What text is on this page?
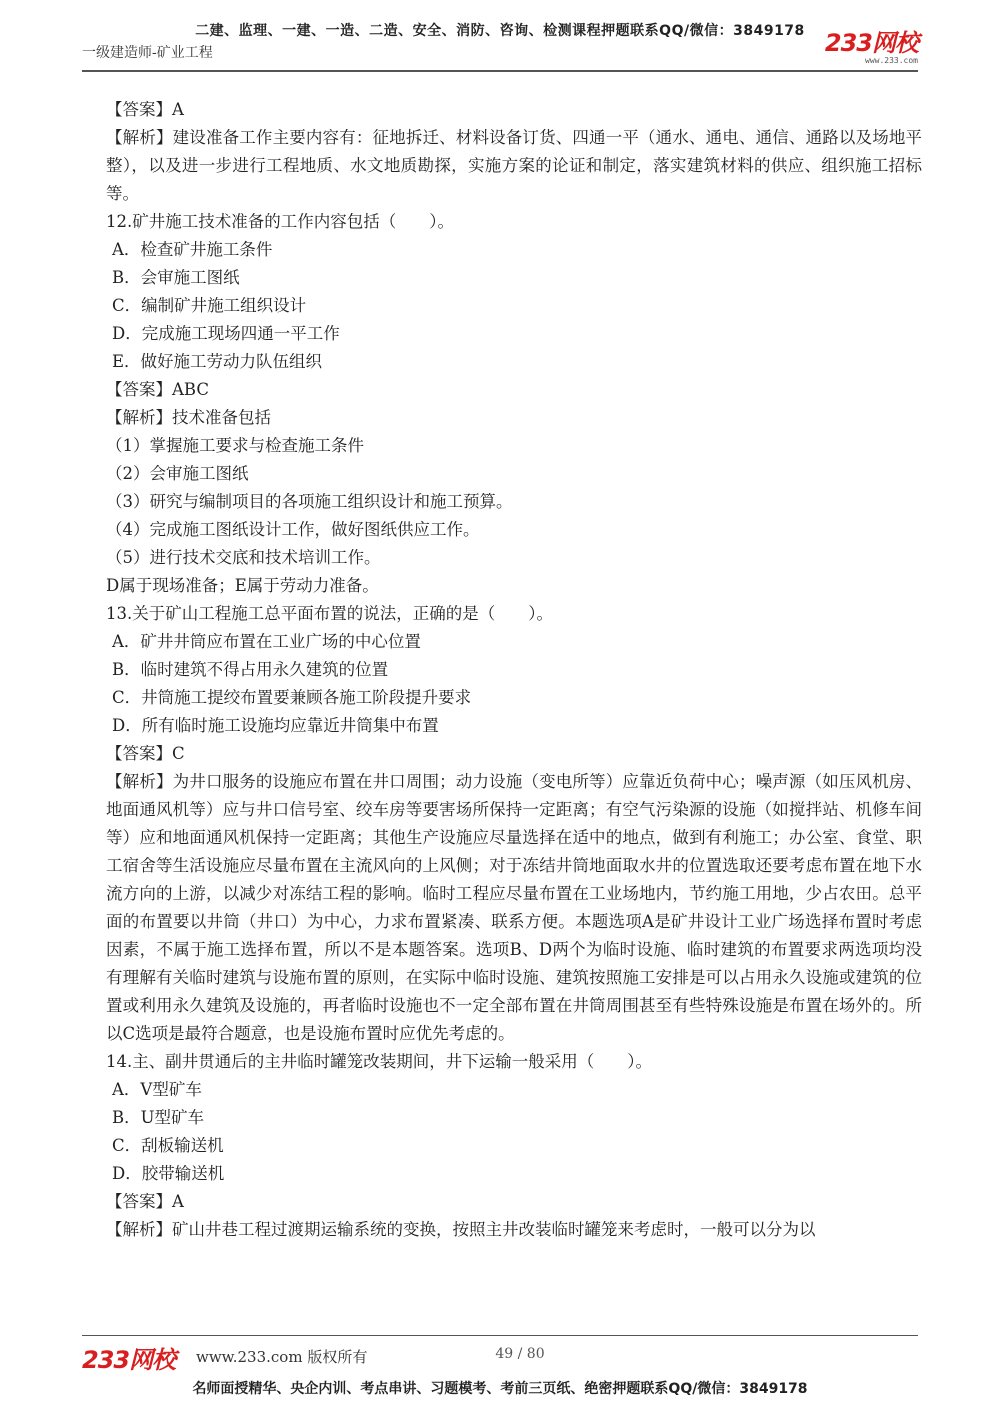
二建、监理、一建、一造、二造、安全、消防、咨询、检测课程押题联系QQ/微信：3849178
一级建造师-矿业工程	233网校
www.233.com

【答案】A

【解析】建设准备工作主要内容有：征地拆迁、材料设备订货、四通一平（通水、通电、通信、通路以及场地平整），以及进一步进行工程地质、水文地质勘探，实施方案的论证和制定，落实建筑材料的供应、组织施工招标等。

12.矿井施工技术准备的工作内容包括（　　）。

A．检查矿井施工条件

B．会审施工图纸

C．编制矿井施工组织设计

D．完成施工现场四通一平工作

E．做好施工劳动力队伍组织

【答案】ABC

【解析】技术准备包括

（1）掌握施工要求与检查施工条件

（2）会审施工图纸

（3）研究与编制项目的各项施工组织设计和施工预算。

（4）完成施工图纸设计工作，做好图纸供应工作。

（5）进行技术交底和技术培训工作。

D属于现场准备；E属于劳动力准备。

13.关于矿山工程施工总平面布置的说法，正确的是（　　）。

A．矿井井筒应布置在工业广场的中心位置

B．临时建筑不得占用永久建筑的位置

C．井筒施工提绞布置要兼顾各施工阶段提升要求

D．所有临时施工设施均应靠近井筒集中布置

【答案】C

【解析】为井口服务的设施应布置在井口周围；动力设施（变电所等）应靠近负荷中心；噪声源（如压风机房、地面通风机等）应与井口信号室、绞车房等要害场所保持一定距离；有空气污染源的设施（如搅拌站、机修车间等）应和地面通风机保持一定距离；其他生产设施应尽量选择在适中的地点，做到有利施工；办公室、食堂、职工宿舍等生活设施应尽量布置在主流风向的上风侧；对于冻结井筒地面取水井的位置选取还要考虑布置在地下水流方向的上游，以减少对冻结工程的影响。临时工程应尽量布置在工业场地内，节约施工用地，少占农田。总平面的布置要以井筒（井口）为中心，力求布置紧凑、联系方便。本题选项A是矿井设计工业广场选择布置时考虑因素，不属于施工选择布置，所以不是本题答案。选项B、D两个为临时设施、临时建筑的布置要求两选项均没有理解有关临时建筑与设施布置的原则，在实际中临时设施、建筑按照施工安排是可以占用永久设施或建筑的位置或利用永久建筑及设施的，再者临时设施也不一定全部布置在井筒周围甚至有些特殊设施是布置在场外的。所以C选项是最符合题意，也是设施布置时应优先考虑的。

14.主、副井贯通后的主井临时罐笼改装期间，井下运输一般采用（　　）。

A．V型矿车

B．U型矿车

C．刮板输送机

D．胶带输送机

【答案】A

【解析】矿山井巷工程过渡期运输系统的变换，按照主井改装临时罐笼来考虑时，一般可以分为以

233网校 www.233.com 版权所有	49 / 80
名师面授精华、央企内训、考点串讲、习题模考、考前三页纸、绝密押题联系QQ/微信：3849178
